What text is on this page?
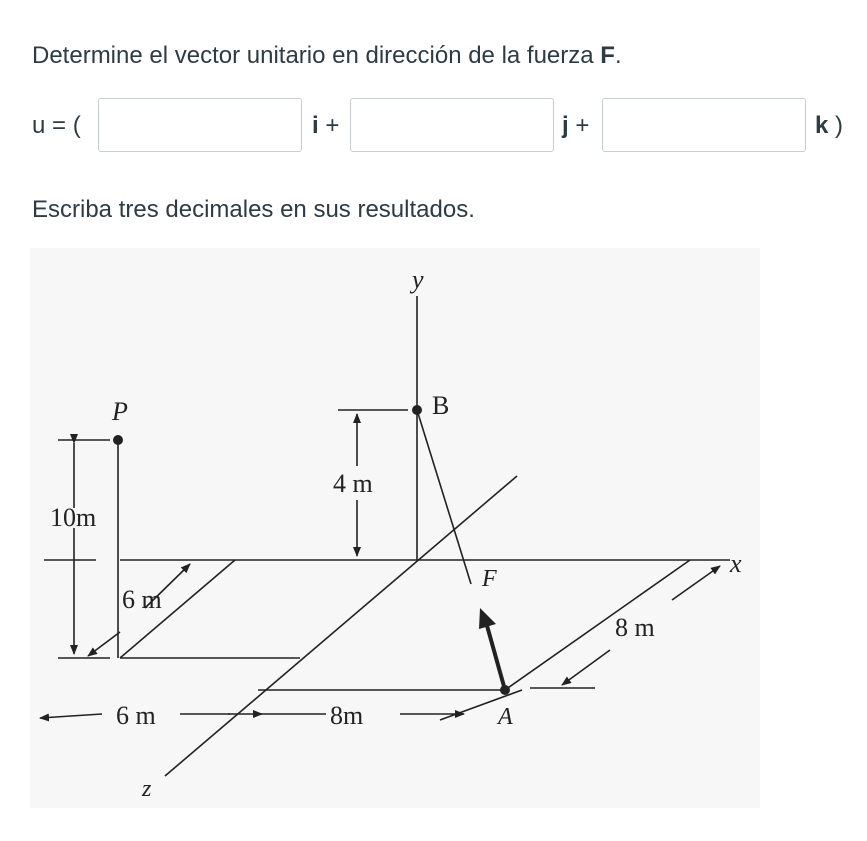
Determine el vector unitario en dirección de la fuerza F.
u = (	i +	j +	k )
Escriba tres decimales en sus resultados.
y
x
z
P	B
A
F
10m
4 m
6 m
6 m	8m
8 m
